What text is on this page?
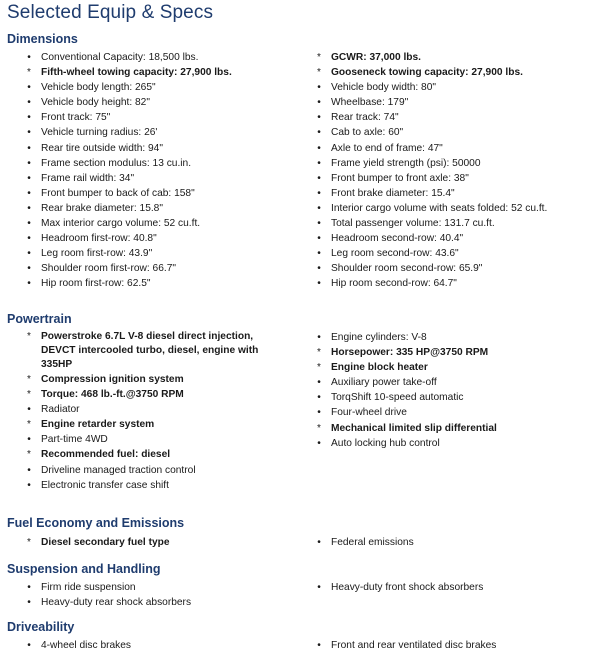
Selected Equip & Specs
Dimensions
•	Conventional Capacity: 18,500 lbs.
* Fifth-wheel towing capacity: 27,900 lbs.
•	Vehicle body length: 265"
•	Vehicle body height: 82"
•	Front track: 75"
•	Vehicle turning radius: 26'
•	Rear tire outside width: 94"
•	Frame section modulus: 13 cu.in.
•	Frame rail width: 34"
•	Front bumper to back of cab: 158"
•	Rear brake diameter: 15.8"
•	Max interior cargo volume: 52 cu.ft.
•	Headroom first-row: 40.8"
•	Leg room first-row: 43.9"
•	Shoulder room first-row: 66.7"
•	Hip room first-row: 62.5"
* GCWR: 37,000 lbs.
* Gooseneck towing capacity: 27,900 lbs.
•	Vehicle body width: 80"
•	Wheelbase: 179"
•	Rear track: 74"
•	Cab to axle: 60"
•	Axle to end of frame: 47"
•	Frame yield strength (psi): 50000
•	Front bumper to front axle: 38"
•	Front brake diameter: 15.4"
•	Interior cargo volume with seats folded: 52 cu.ft.
•	Total passenger volume: 131.7 cu.ft.
•	Headroom second-row: 40.4"
•	Leg room second-row: 43.6"
•	Shoulder room second-row: 65.9"
•	Hip room second-row: 64.7"
Powertrain
* Powerstroke 6.7L V-8 diesel direct injection, DEVCT intercooled turbo, diesel, engine with 335HP
* Compression ignition system
* Torque: 468 lb.-ft.@3750 RPM
•	Radiator
* Engine retarder system
•	Part-time 4WD
* Recommended fuel: diesel
•	Driveline managed traction control
•	Electronic transfer case shift
•	Engine cylinders: V-8
* Horsepower: 335 HP@3750 RPM
* Engine block heater
•	Auxiliary power take-off
•	TorqShift 10-speed automatic
•	Four-wheel drive
* Mechanical limited slip differential
•	Auto locking hub control
Fuel Economy and Emissions
* Diesel secondary fuel type	•	Federal emissions
Suspension and Handling
•	Firm ride suspension
•	Heavy-duty rear shock absorbers
•	Heavy-duty front shock absorbers
Driveability
•	4-wheel disc brakes	•	Front and rear ventilated disc brakes
